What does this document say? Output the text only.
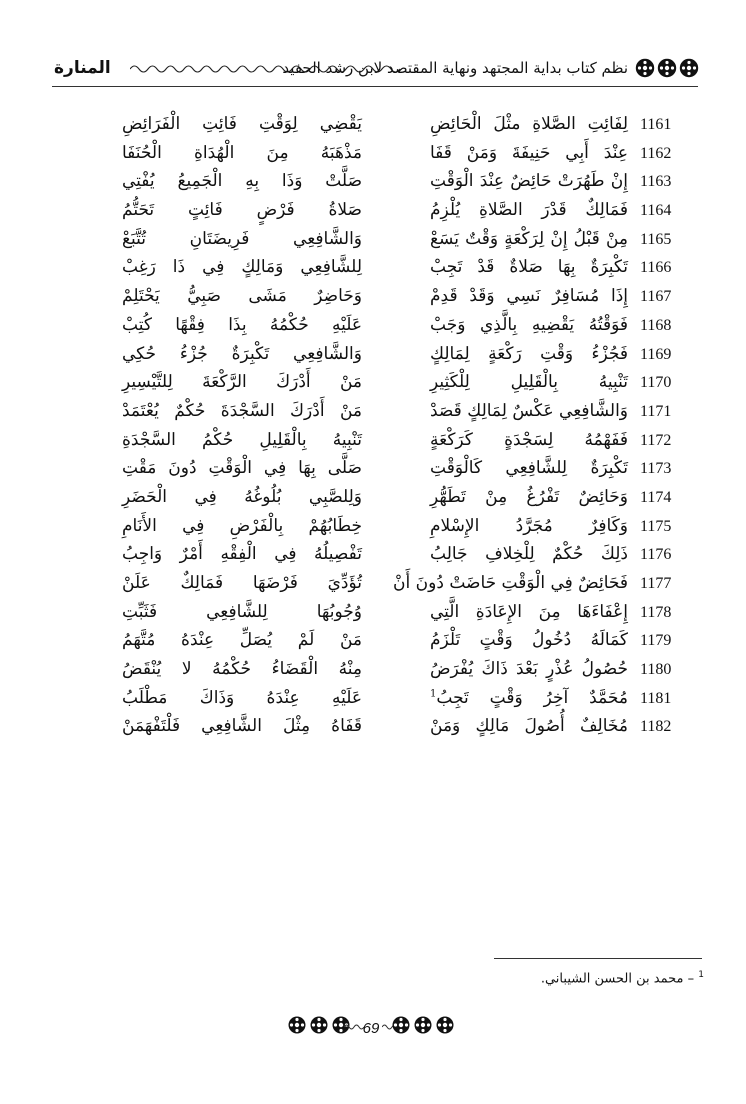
المنارة	نظم كتاب بداية المجتهد ونهاية المقتصد لابن رشد الحفيد
1161
لِفَائِتِ الصَّلاةِ مثْلَ الْحَائِضِ
يَقْضِي لِوَقْتِ فَائِتِ الْفَرَائِضِ
1162
عِنْدَ أَبِي حَنِيفَةَ وَمَنْ قَفَا
مَذْهَبَهُ مِنَ الْهُدَاةِ الْحُنَفَا
1163
إِنْ طَهُرَتْ حَائِضٌ عِنْدَ الْوَقْتِ
صَلَّتْ وَذَا بِهِ الْجَمِيعُ يُفْتِي
1164
فَمَالِكٌ قَدْرَ الصَّلاةِ يُلْزِمُ
صَلاةُ فَرْضٍ فَائِتٍ تَحَتُّمُ
1165
مِنْ قَبْلُ إِنْ لِرَكْعَةٍ وَقْتٌ يَسَعْ
وَالشَّافِعِي فَرِيضَتَانِ تُتَّبَعْ
1166
تَكْبِرَةٌ بِهَا صَلاةٌ قَدْ تَجِبْ
لِلشَّافِعِي وَمَالِكٍ فِي ذَا رَغِبْ
1167
إِذَا مُسَافِرٌ نَسِي وَقَدْ قَدِمْ
وَحَاضِرٌ مَشَى صَبِيُّ يَحْتَلِمْ
1168
فَوَقْتُهُ يَقْضِيهِ بِالَّذِي وَجَبْ
عَلَيْهِ حُكْمُهُ بِذَا فِقْهًا كُتِبْ
1169
فَجُزْءُ وَقْتِ رَكْعَةٍ لِمَالِكٍ
وَالشَّافِعِي تَكْبِرَةٌ جُزْءُ حُكِي
1170
تَنْبِيهُ بِالْقَلِيلِ لِلْكَثِيرِ
مَنْ أَدْرَكَ الرَّكْعَةَ لِلتَّيْسِيرِ
1171
وَالشَّافِعِي عَكْسٌ لِمَالِكٍ قَصَدْ
مَنْ أَدْرَكَ السَّجْدَةَ حُكْمٌ يُعْتَمَدْ
1172
فَفَهْمُهُ لِسَجْدَةٍ كَرَكْعَةٍ
تَنْبِيهُ بِالْقَلِيلِ حُكْمُ السَّجْدَةِ
1173
تَكْبِرَةٌ لِلشَّافِعِي كَالْوَقْتِ
صَلَّى بِهَا فِي الْوَقْتِ دُونَ مَقْتِ
1174
وَحَائِضٌ تَفْرُغُ مِنْ تَطَهُّرِ
وَلِلصَّبِي بُلُوغُهُ فِي الْحَضَرِ
1175
وَكَافِرٌ مُجَرَّدُ الإِسْلامِ
خِطَابُهُمْ بِالْفَرْضِ فِي الأَنَامِ
1176
ذَلِكَ حُكْمٌ لِلْخِلافِ جَالِبُ
تَفْصِيلُهُ فِي الْفِقْهِ أَمْرٌ وَاجِبُ
1177
فَحَائِضٌ فِي الْوَقْتِ حَاضَتْ دُونَ أَنْ
تُؤَدِّيَ فَرْضَهَا فَمَالِكٌ عَلَنْ
1178
إِعْفَاءَهَا مِنَ الإِعَادَةِ الَّتِي
وُجُوبُهَا لِلشَّافِعِي فَثَبِّتِ
1179
كَمَالَهُ دُخُولُ وَقْتٍ تَلْزَمُ
مَنْ لَمْ يُصَلِّ عِنْدَهُ مُتَّهَمُ
1180
حُصُولُ عُذْرٍ بَعْدَ ذَاكَ يُفْرَضُ
مِنْهُ الْقَضَاءُ حُكْمُهُ لا يُنْقَضُ
1181
مُحَمَّدٌ آخِرُ وَقْتٍ تَجِبُ$^1$
عَلَيْهِ عِنْدَهُ وَذَاكَ مَطْلَبُ
1182
مُخَالِفٌ أُصُولَ مَالِكٍ وَمَنْ
قَفَاهُ مِثْلَ الشَّافِعِي فَلْتَفْهَمَنْ
$^1$ – محمد بن الحسن الشيباني.
69
